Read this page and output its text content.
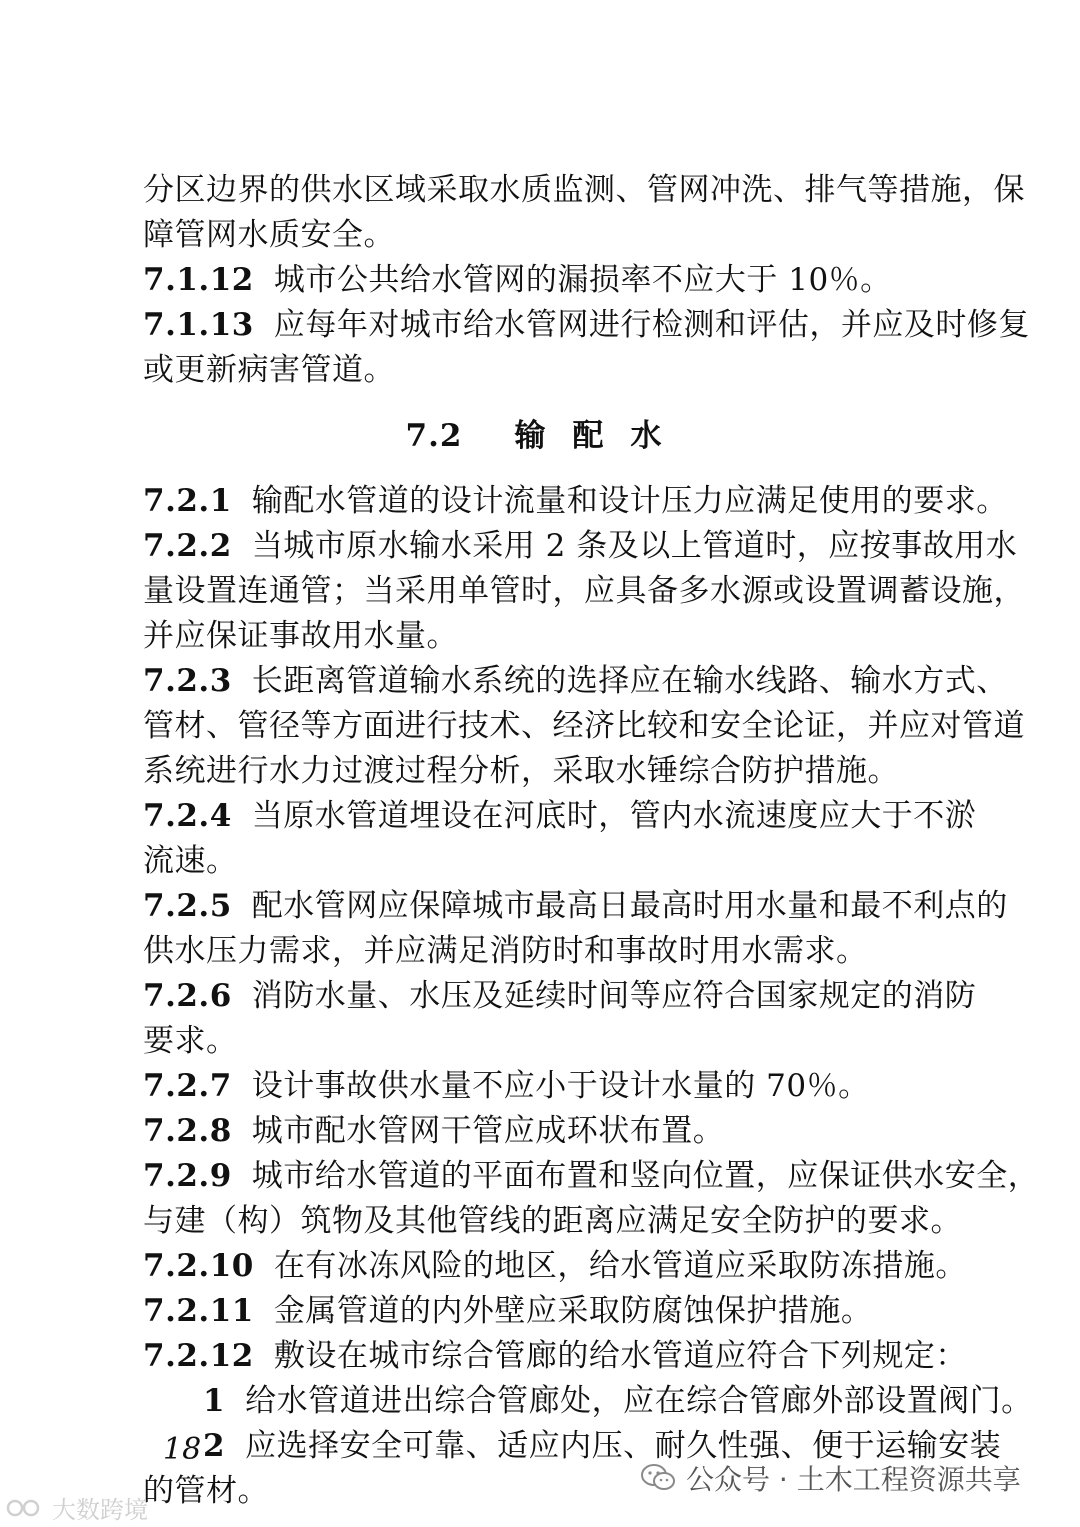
分区边界的供水区域采取水质监测、管网冲洗、排气等措施，保
障管网水质安全。
7.1.12 城市公共给水管网的漏损率不应大于 10％。
7.1.13 应每年对城市给水管网进行检测和评估，并应及时修复
或更新病害管道。
7.2 输 配 水
7.2.1 输配水管道的设计流量和设计压力应满足使用的要求。
7.2.2 当城市原水输水采用 2 条及以上管道时，应按事故用水
量设置连通管；当采用单管时，应具备多水源或设置调蓄设施，
并应保证事故用水量。
7.2.3 长距离管道输水系统的选择应在输水线路、输水方式、
管材、管径等方面进行技术、经济比较和安全论证，并应对管道
系统进行水力过渡过程分析，采取水锤综合防护措施。
7.2.4 当原水管道埋设在河底时，管内水流速度应大于不淤
流速。
7.2.5 配水管网应保障城市最高日最高时用水量和最不利点的
供水压力需求，并应满足消防时和事故时用水需求。
7.2.6 消防水量、水压及延续时间等应符合国家规定的消防
要求。
7.2.7 设计事故供水量不应小于设计水量的 70％。
7.2.8 城市配水管网干管应成环状布置。
7.2.9 城市给水管道的平面布置和竖向位置，应保证供水安全，
与建（构）筑物及其他管线的距离应满足安全防护的要求。
7.2.10 在有冰冻风险的地区，给水管道应采取防冻措施。
7.2.11 金属管道的内外壁应采取防腐蚀保护措施。
7.2.12 敷设在城市综合管廊的给水管道应符合下列规定：
1 给水管道进出综合管廊处，应在综合管廊外部设置阀门。
2 应选择安全可靠、适应内压、耐久性强、便于运输安装
的管材。
18
公众号 · 土木工程资源共享
大数跨境
